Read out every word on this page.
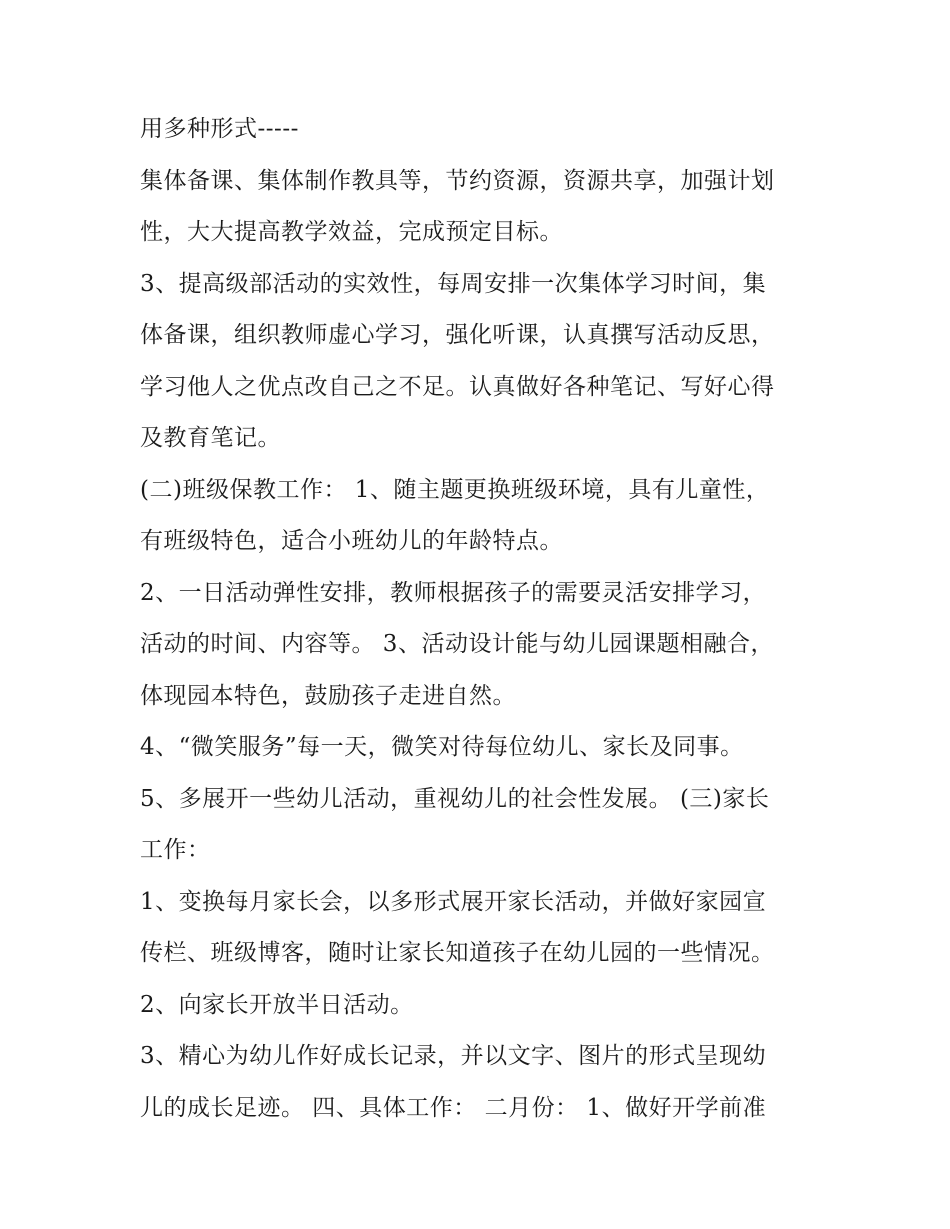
用多种形式-----
集体备课、集体制作教具等，节约资源，资源共享，加强计划
性，大大提高教学效益，完成预定目标。
3、提高级部活动的实效性，每周安排一次集体学习时间，集
体备课，组织教师虚心学习，强化听课，认真撰写活动反思，
学习他人之优点改自己之不足。认真做好各种笔记、写好心得
及教育笔记。
(二)班级保教工作： 1、随主题更换班级环境，具有儿童性，
有班级特色，适合小班幼儿的年龄特点。
2、一日活动弹性安排，教师根据孩子的需要灵活安排学习，
活动的时间、内容等。 3、活动设计能与幼儿园课题相融合，
体现园本特色，鼓励孩子走进自然。
4、“微笑服务”每一天，微笑对待每位幼儿、家长及同事。
5、多展开一些幼儿活动，重视幼儿的社会性发展。 (三)家长
工作：
1、变换每月家长会，以多形式展开家长活动，并做好家园宣
传栏、班级博客，随时让家长知道孩子在幼儿园的一些情况。
2、向家长开放半日活动。
3、精心为幼儿作好成长记录，并以文字、图片的形式呈现幼
儿的成长足迹。 四、具体工作： 二月份： 1、做好开学前准
